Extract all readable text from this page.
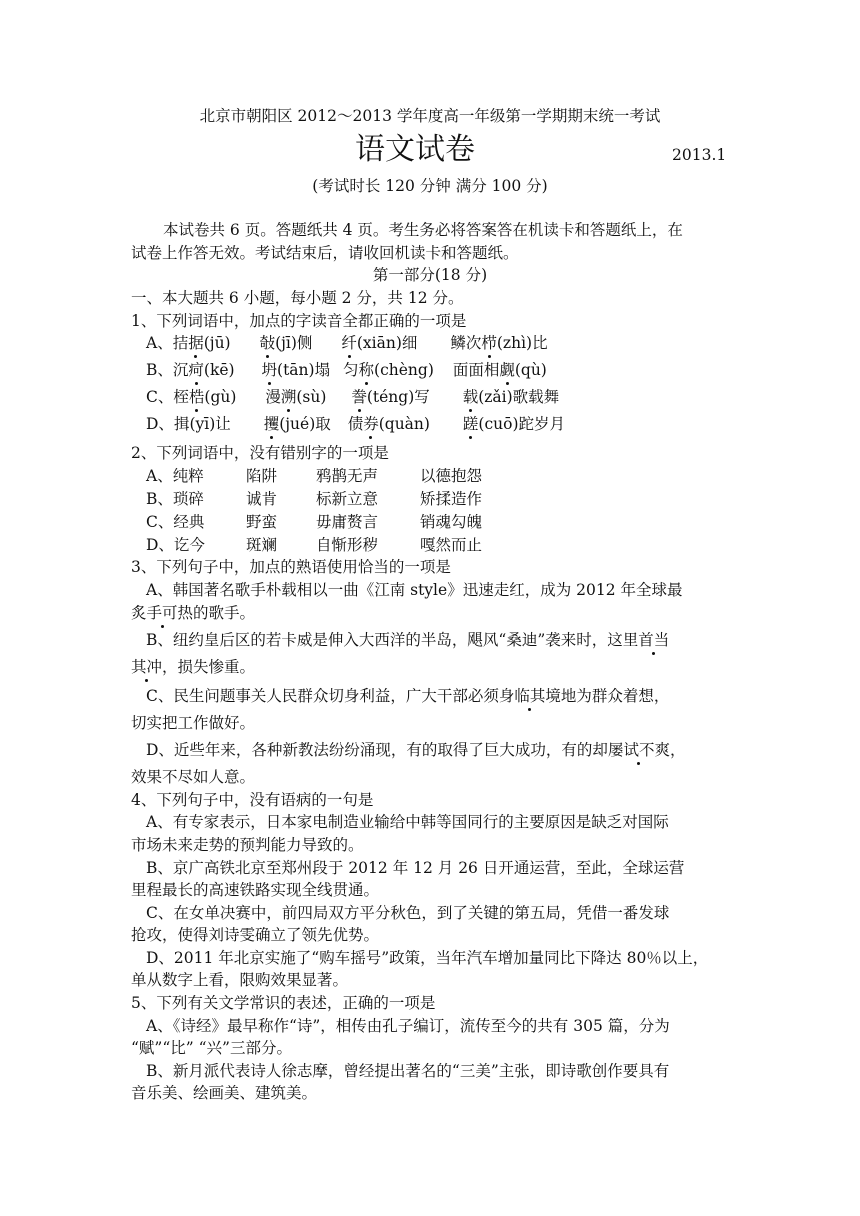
北京市朝阳区 2012～2013 学年度高一年级第一学期期末统一考试
语文试卷	2013.1
(考试时长 120 分钟 满分 100 分)
本试卷共 6 页。答题纸共 4 页。考生务必将答案答在机读卡和答题纸上，在
试卷上作答无效。考试结束后，请收回机读卡和答题纸。
第一部分(18 分)
一、本大题共 6 小题，每小题 2 分，共 12 分。
1、下列词语中，加点的字读音全都正确的一项是
A、拮据(jū) 敧(jī)侧 纤(xiān)细 鳞次栉(zhì)比
B、沉疴(kē) 坍(tān)塌 匀称(chèng) 面面相觑(qù)
C、桎梏(gù) 漫溯(sù) 誊(téng)写 载(zǎi)歌载舞
D、揖(yī)让 攫(jué)取 债券(quàn) 蹉(cuō)跎岁月
2、下列词语中，没有错别字的一项是
A、纯粹	陷阱	鸦鹊无声	以德抱怨
B、琐碎	诚肯	标新立意	矫揉造作
C、经典	野蛮	毋庸赘言	销魂勾魄
D、讫今	斑斓	自惭形秽	嘎然而止
3、下列句子中，加点的熟语使用恰当的一项是
A、韩国著名歌手朴载相以一曲《江南 style》迅速走红，成为 2012 年全球最
炙手可热的歌手。
B、纽约皇后区的若卡威是伸入大西洋的半岛，飓风“桑迪”袭来时，这里首当
其冲，损失惨重。
C、民生问题事关人民群众切身利益，广大干部必须身临其境地为群众着想，
切实把工作做好。
D、近些年来，各种新教法纷纷涌现，有的取得了巨大成功，有的却屡试不爽，
效果不尽如人意。
4、下列句子中，没有语病的一句是
A、有专家表示，日本家电制造业输给中韩等国同行的主要原因是缺乏对国际
市场未来走势的预判能力导致的。
B、京广高铁北京至郑州段于 2012 年 12 月 26 日开通运营，至此，全球运营
里程最长的高速铁路实现全线贯通。
C、在女单决赛中，前四局双方平分秋色，到了关键的第五局，凭借一番发球
抢攻，使得刘诗雯确立了领先优势。
D、2011 年北京实施了“购车摇号”政策，当年汽车增加量同比下降达 80％以上，
单从数字上看，限购效果显著。
5、下列有关文学常识的表述，正确的一项是
A、《诗经》最早称作“诗”，相传由孔子编订，流传至今的共有 305 篇，分为
“赋”“比” “兴”三部分。
B、新月派代表诗人徐志摩，曾经提出著名的“三美”主张，即诗歌创作要具有
音乐美、绘画美、建筑美。
